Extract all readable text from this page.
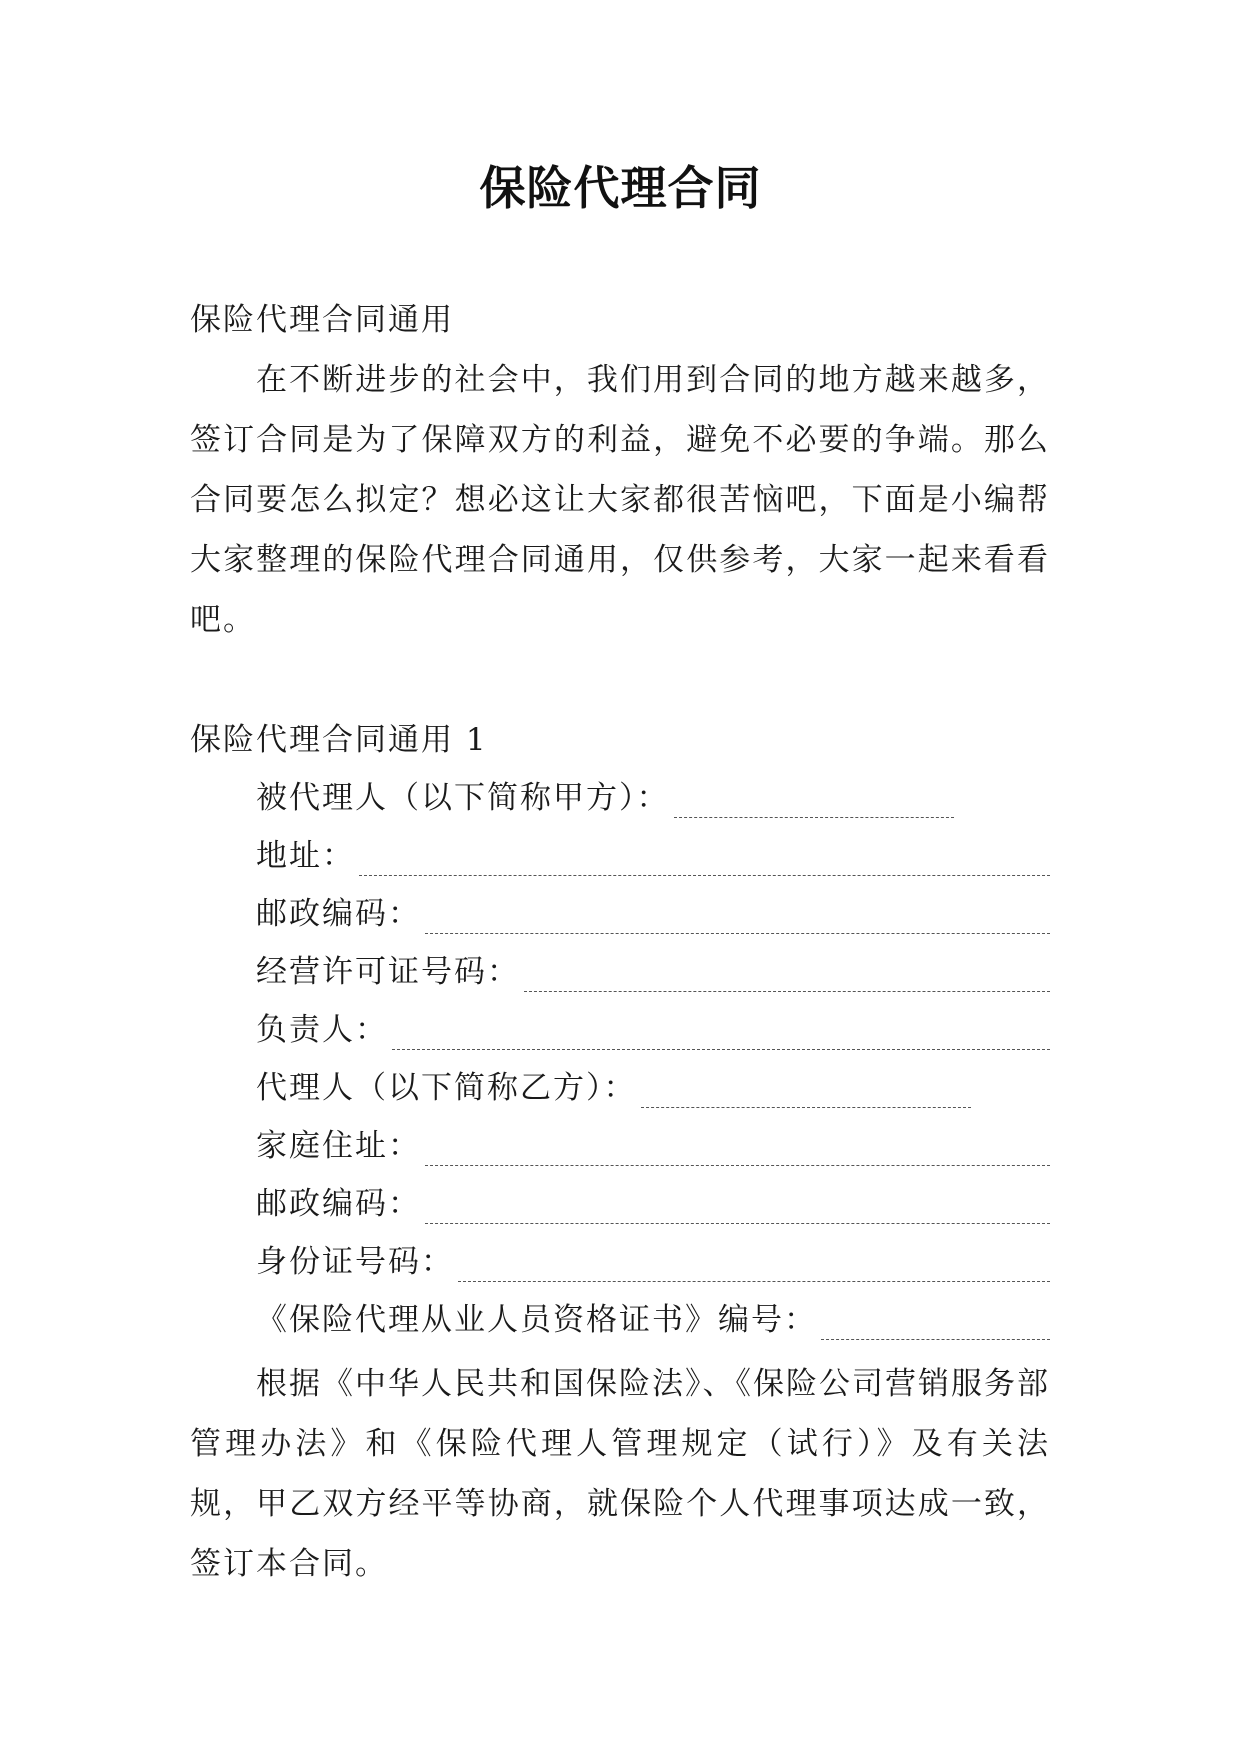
保险代理合同
保险代理合同通用

在不断进步的社会中，我们用到合同的地方越来越多，签订合同是为了保障双方的利益，避免不必要的争端。那么合同要怎么拟定？想必这让大家都很苦恼吧，下面是小编帮大家整理的保险代理合同通用，仅供参考，大家一起来看看吧。

保险代理合同通用 1
被代理人（以下简称甲方）：
地址：
邮政编码：
经营许可证号码：
负责人：
代理人（以下简称乙方）：
家庭住址：
邮政编码：
身份证号码：
《保险代理从业人员资格证书》编号：

根据《中华人民共和国保险法》、《保险公司营销服务部管理办法》和《保险代理人管理规定（试行）》及有关法规，甲乙双方经平等协商，就保险个人代理事项达成一致，签订本合同。
